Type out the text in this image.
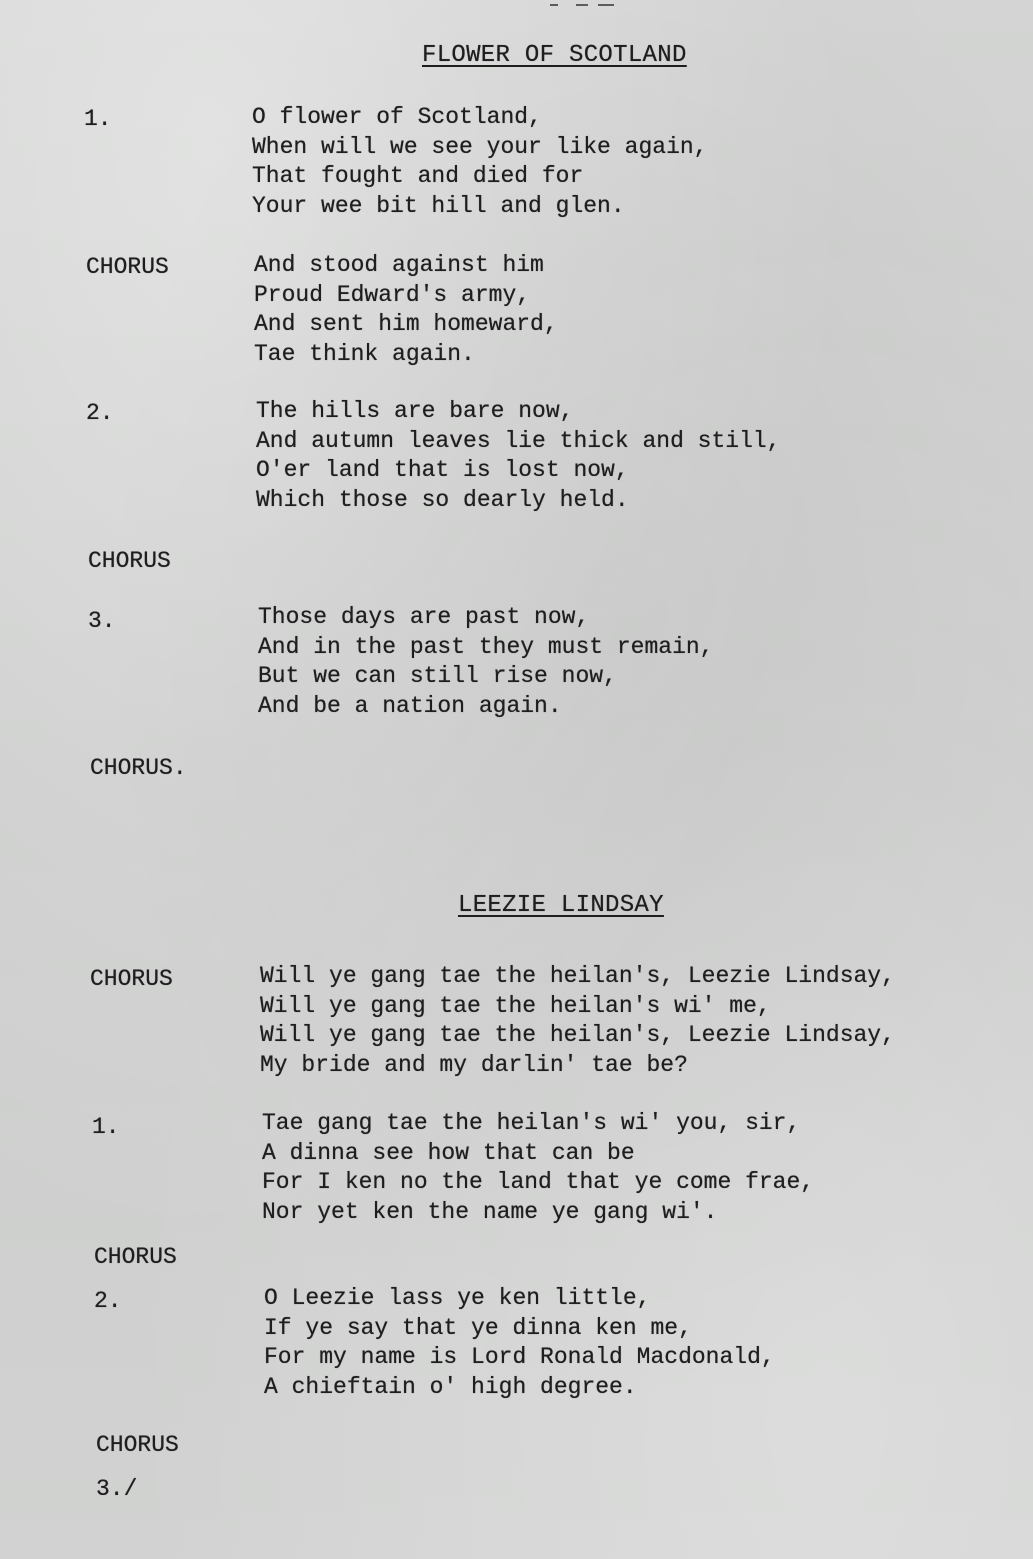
FLOWER OF SCOTLAND
1.	O flower of Scotland,
When will we see your like again,
That fought and died for
Your wee bit hill and glen.
CHORUS	And stood against him
Proud Edward's army,
And sent him homeward,
Tae think again.
2.	The hills are bare now,
And autumn leaves lie thick and still,
O'er land that is lost now,
Which those so dearly held.
CHORUS
3.	Those days are past now,
And in the past they must remain,
But we can still rise now,
And be a nation again.
CHORUS.
LEEZIE LINDSAY
CHORUS	Will ye gang tae the heilan's, Leezie Lindsay,
Will ye gang tae the heilan's wi' me,
Will ye gang tae the heilan's, Leezie Lindsay,
My bride and my darlin' tae be?
1.	Tae gang tae the heilan's wi' you, sir,
A dinna see how that can be
For I ken no the land that ye come frae,
Nor yet ken the name ye gang wi'.
CHORUS
2.	O Leezie lass ye ken little,
If ye say that ye dinna ken me,
For my name is Lord Ronald Macdonald,
A chieftain o' high degree.
CHORUS
3./
